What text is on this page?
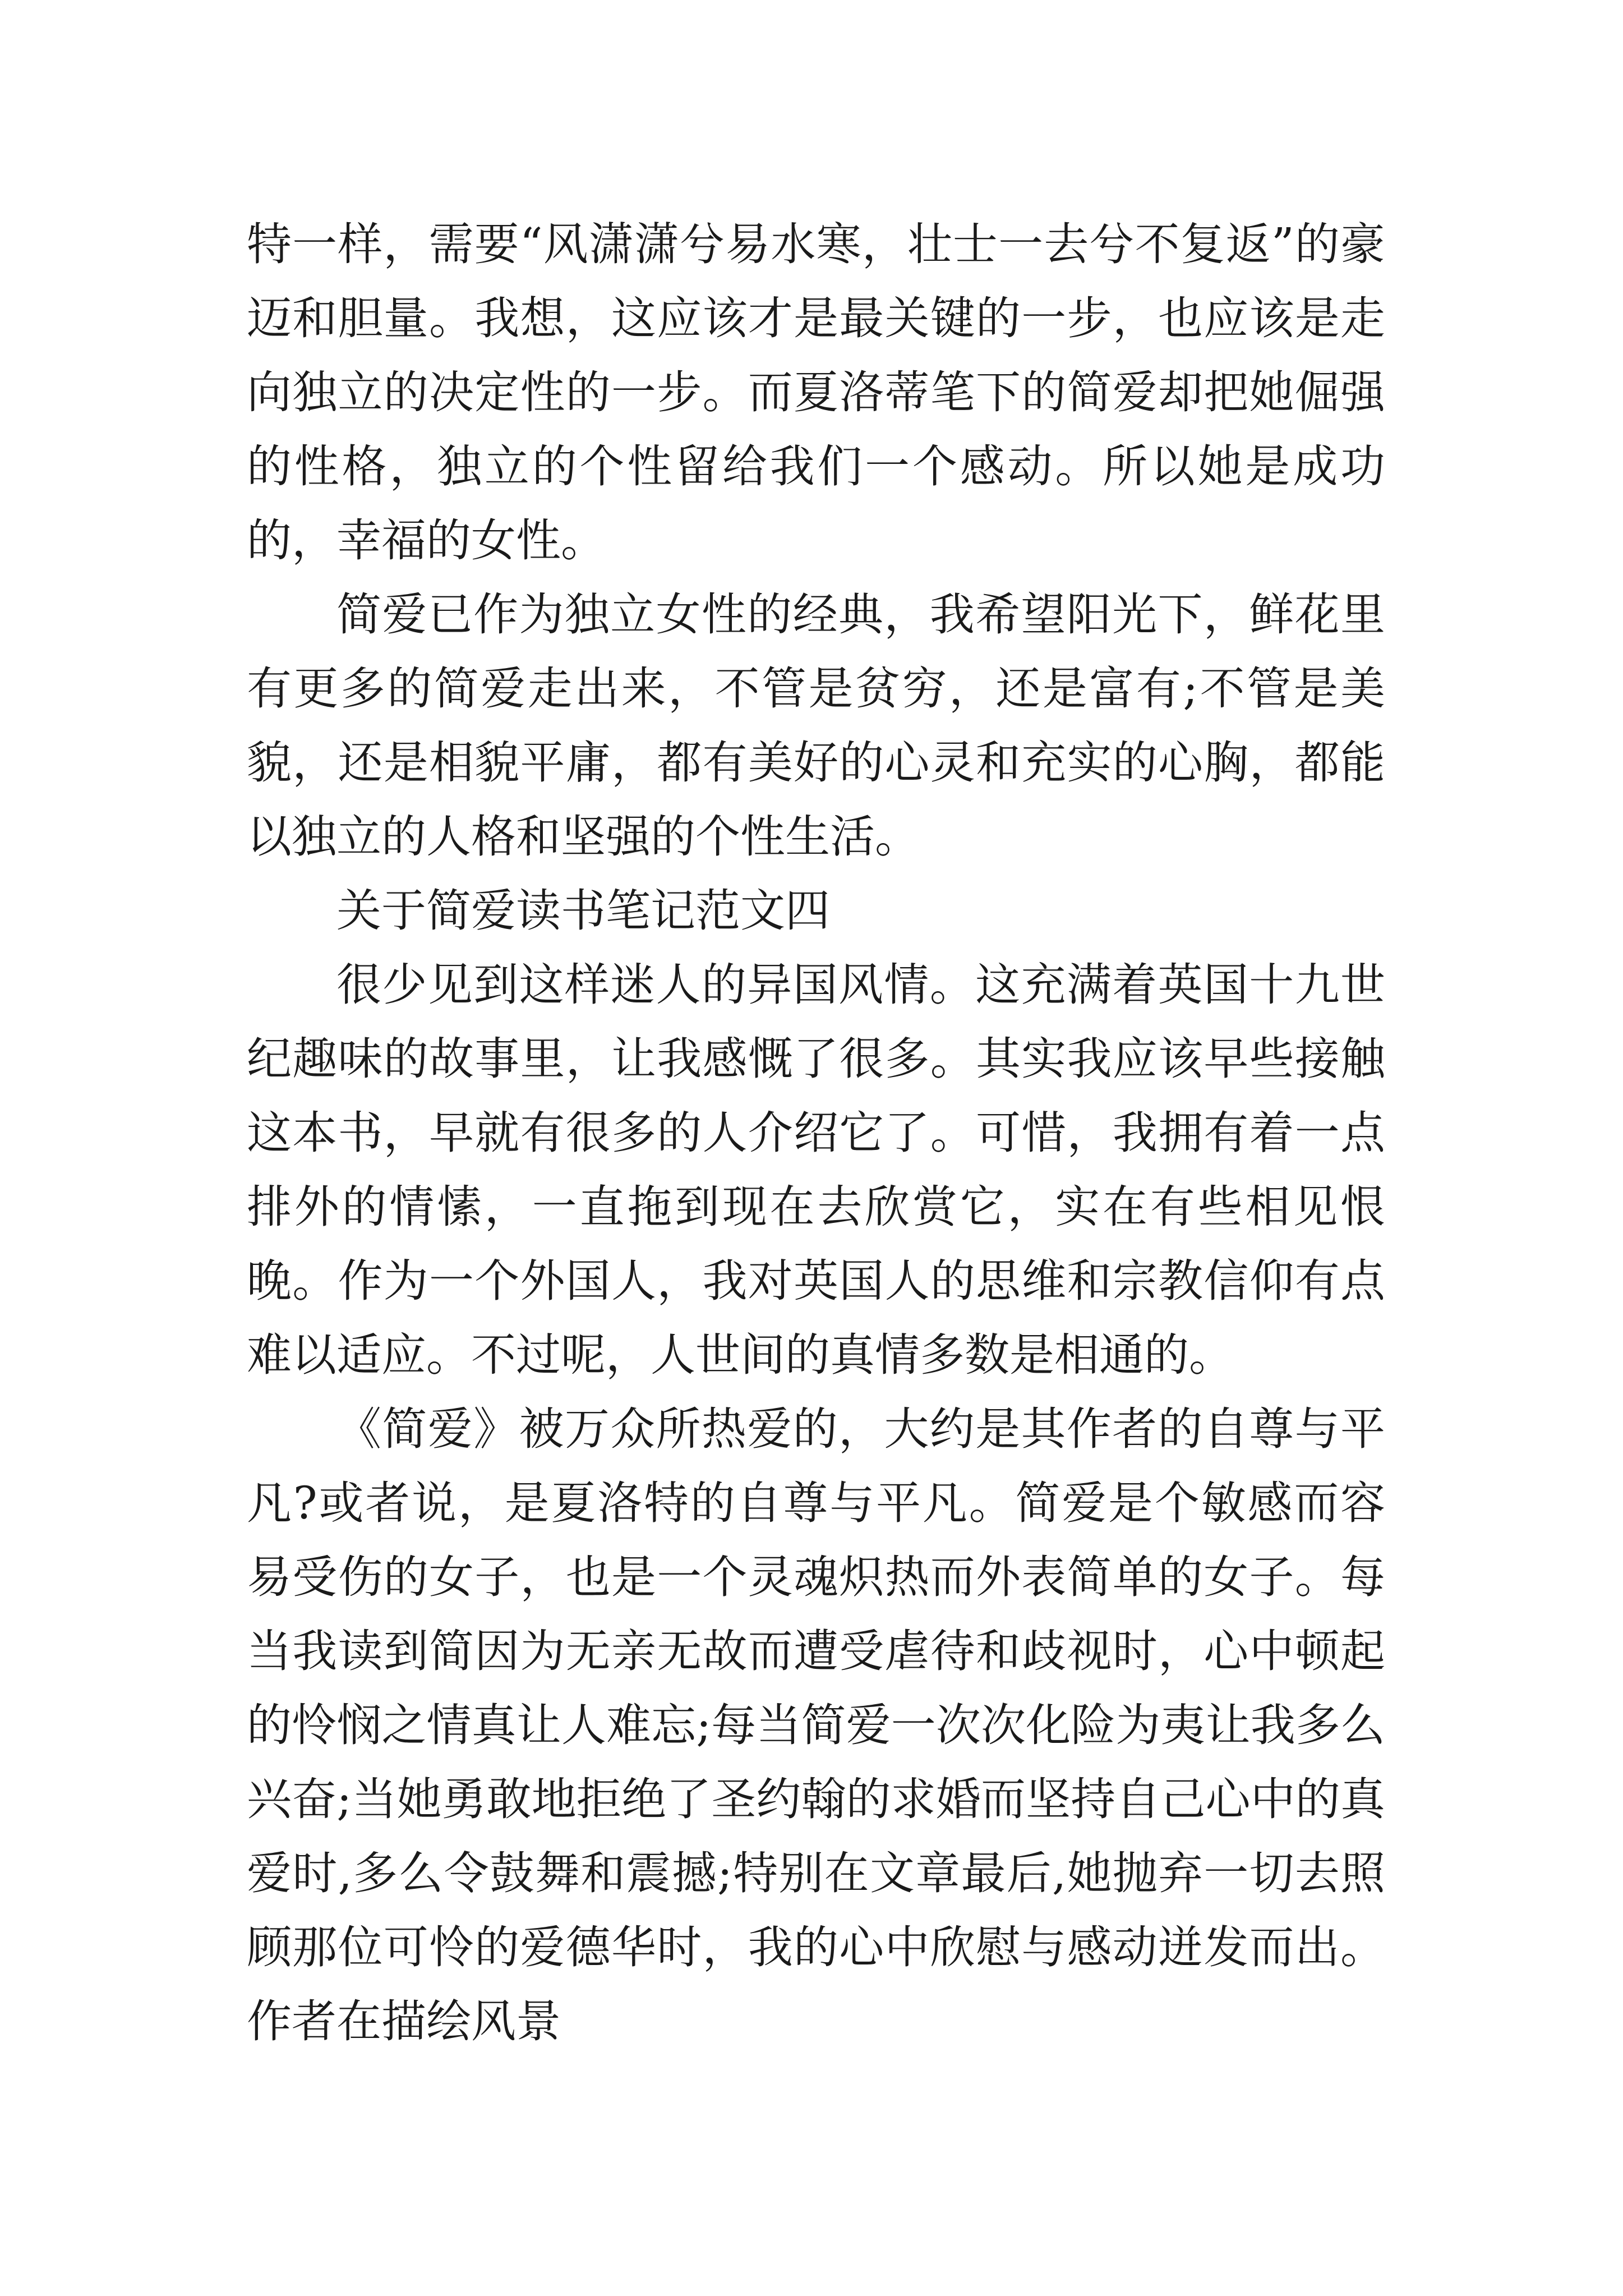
特一样，需要“风潇潇兮易水寒，壮士一去兮不复返”的豪迈和胆量。我想，这应该才是最关键的一步，也应该是走向独立的决定性的一步。而夏洛蒂笔下的简爱却把她倔强的性格，独立的个性留给我们一个感动。所以她是成功的，幸福的女性。

简爱已作为独立女性的经典，我希望阳光下，鲜花里有更多的简爱走出来，不管是贫穷，还是富有;不管是美貌，还是相貌平庸，都有美好的心灵和充实的心胸，都能以独立的人格和坚强的个性生活。

关于简爱读书笔记范文四

很少见到这样迷人的异国风情。这充满着英国十九世纪趣味的故事里，让我感慨了很多。其实我应该早些接触这本书，早就有很多的人介绍它了。可惜，我拥有着一点排外的情愫，一直拖到现在去欣赏它，实在有些相见恨晚。作为一个外国人，我对英国人的思维和宗教信仰有点难以适应。不过呢，人世间的真情多数是相通的。

《简爱》被万众所热爱的，大约是其作者的自尊与平凡?或者说，是夏洛特的自尊与平凡。简爱是个敏感而容易受伤的女子，也是一个灵魂炽热而外表简单的女子。每当我读到简因为无亲无故而遭受虐待和歧视时，心中顿起的怜悯之情真让人难忘;每当简爱一次次化险为夷让我多么兴奋;当她勇敢地拒绝了圣约翰的求婚而坚持自己心中的真爱时,多么令鼓舞和震撼;特别在文章最后,她抛弃一切去照顾那位可怜的爱德华时，我的心中欣慰与感动迸发而出。作者在描绘风景
